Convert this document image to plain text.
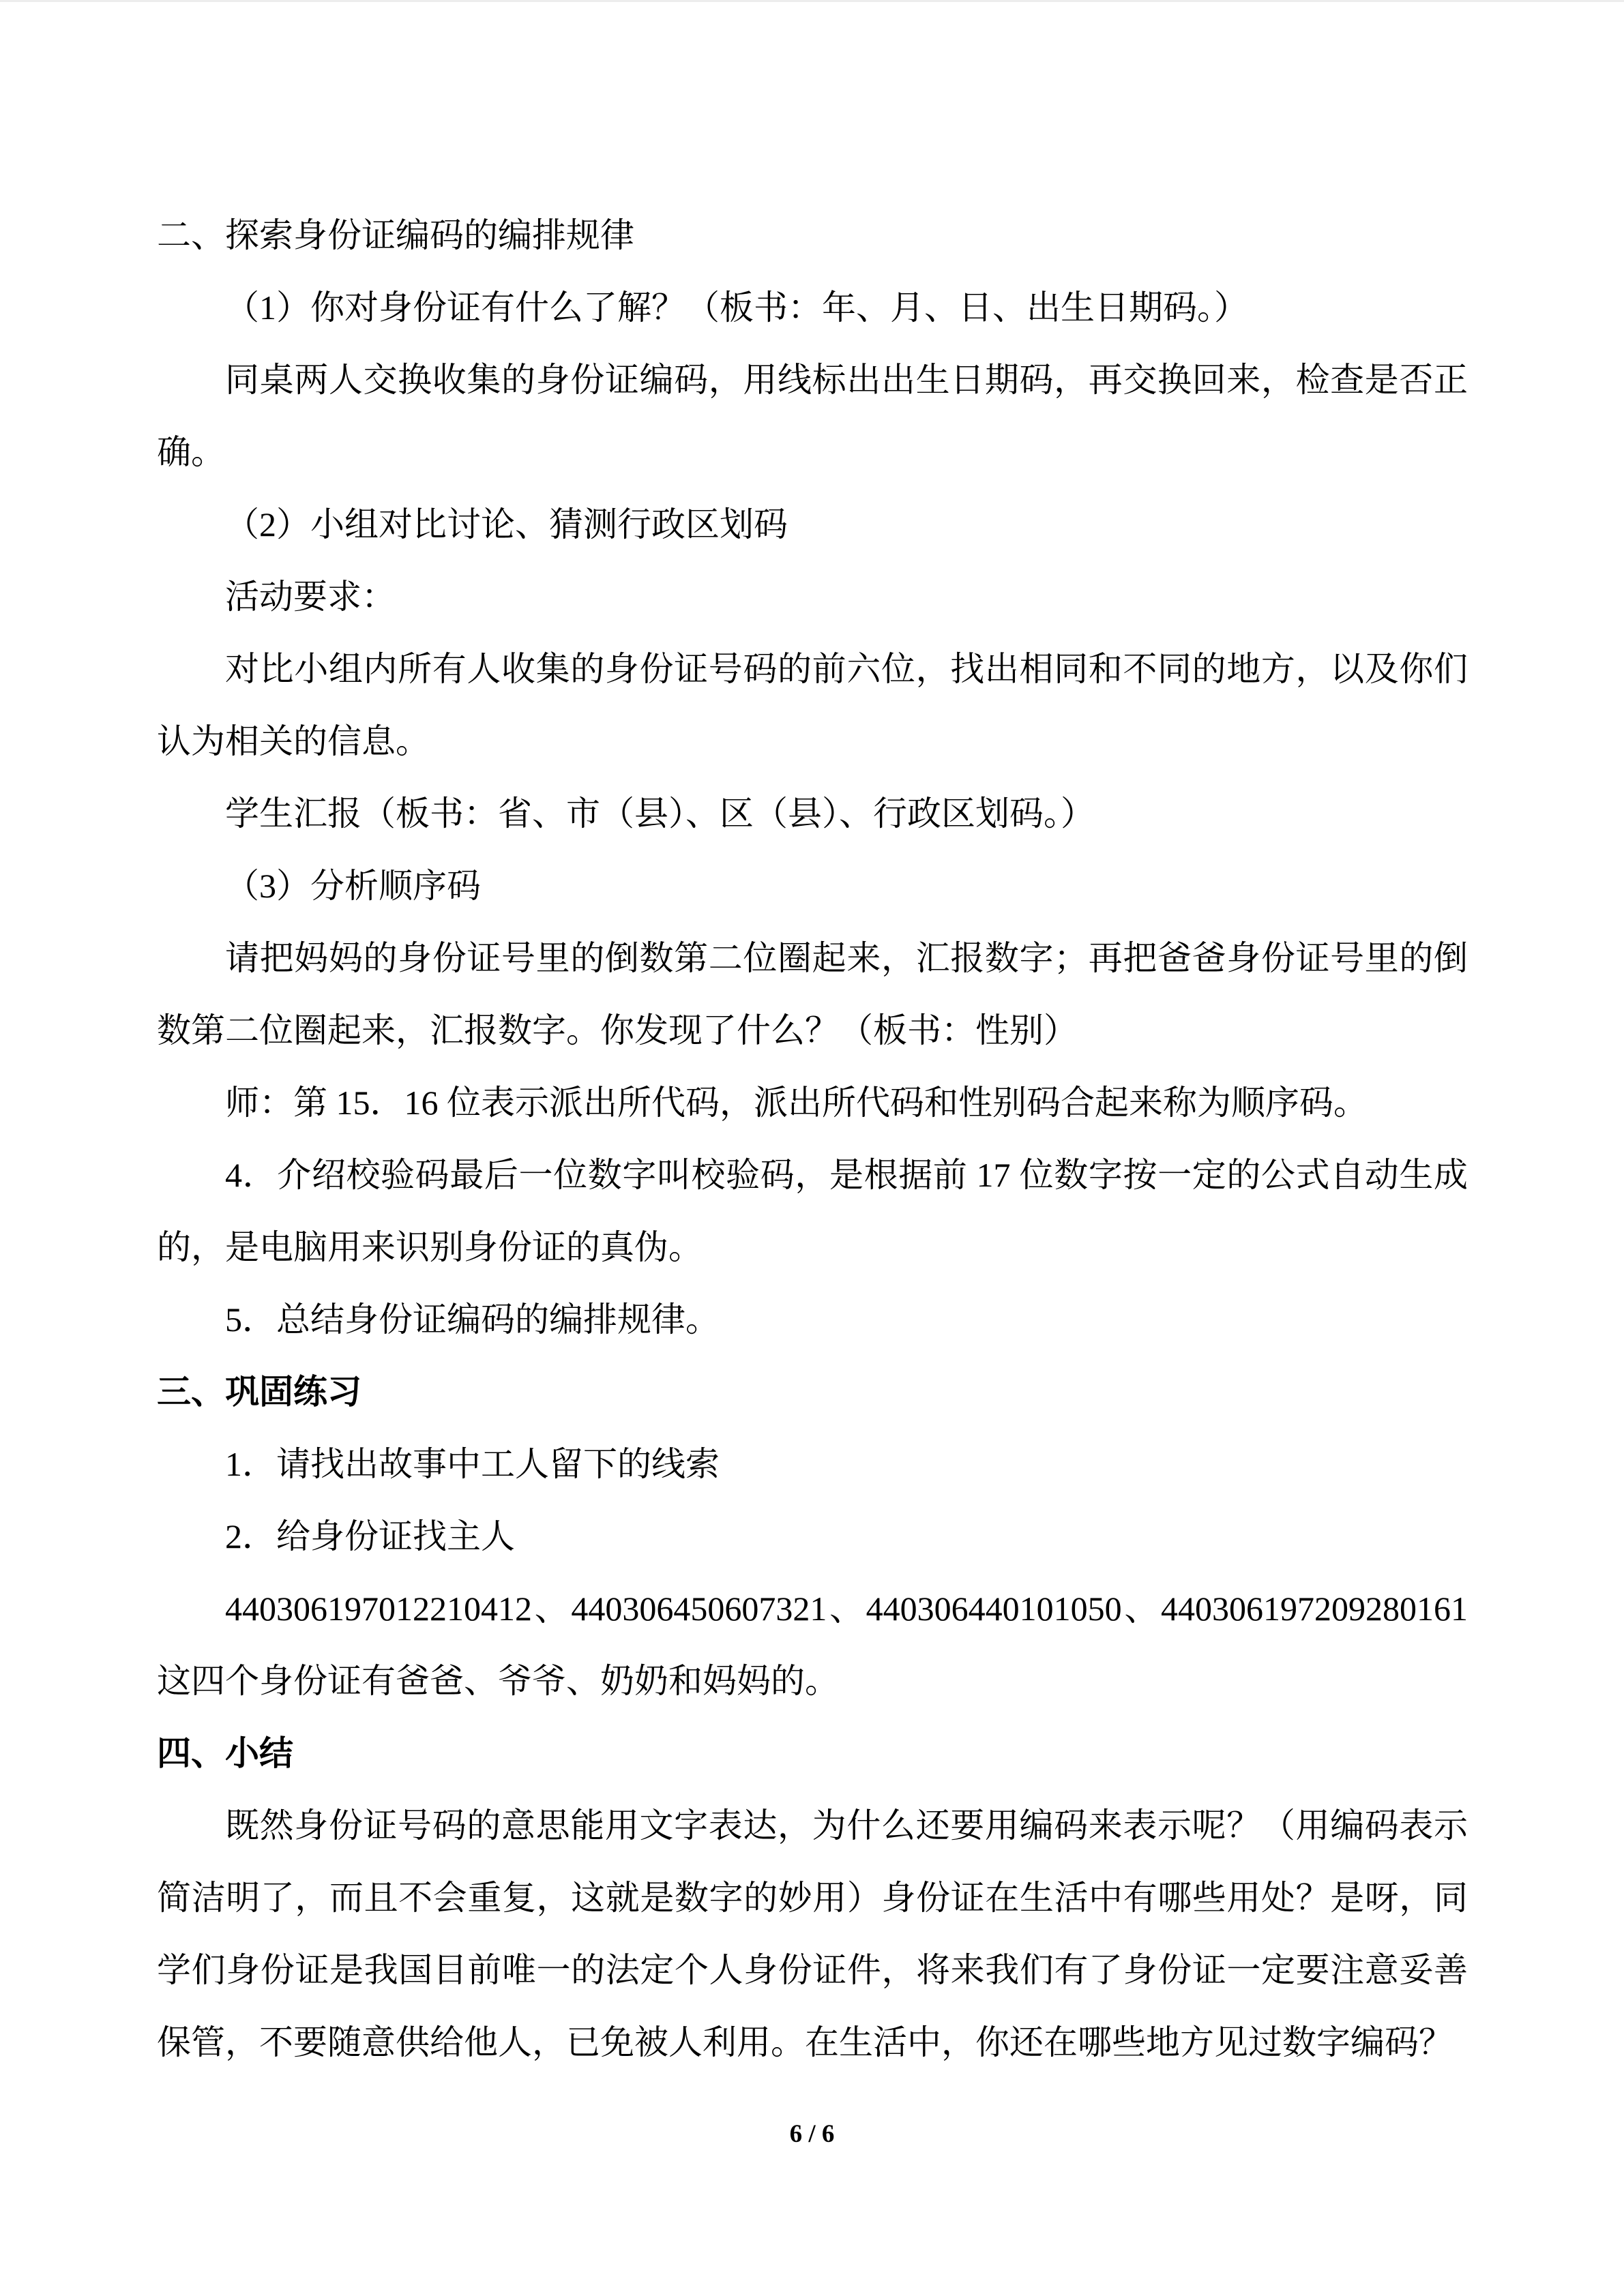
二、探索身份证编码的编排规律

（1）你对身份证有什么了解？（板书：年、月、日、出生日期码。）

同桌两人交换收集的身份证编码，用线标出出生日期码，再交换回来，检查是否正确。

（2）小组对比讨论、猜测行政区划码

活动要求：

对比小组内所有人收集的身份证号码的前六位，找出相同和不同的地方，以及你们认为相关的信息。

学生汇报（板书：省、市（县）、区（县）、行政区划码。）

（3）分析顺序码

请把妈妈的身份证号里的倒数第二位圈起来，汇报数字；再把爸爸身份证号里的倒数第二位圈起来，汇报数字。你发现了什么？（板书：性别）

师：第 15．16 位表示派出所代码，派出所代码和性别码合起来称为顺序码。

4．介绍校验码最后一位数字叫校验码，是根据前 17 位数字按一定的公式自动生成的，是电脑用来识别身份证的真伪。

5．总结身份证编码的编排规律。

三、巩固练习

1．请找出故事中工人留下的线索

2．给身份证找主人

440306197012210412、440306450607321、440306440101050、440306197209280161 这四个身份证有爸爸、爷爷、奶奶和妈妈的。

四、小结

既然身份证号码的意思能用文字表达，为什么还要用编码来表示呢？（用编码表示简洁明了，而且不会重复，这就是数字的妙用）身份证在生活中有哪些用处？是呀，同学们身份证是我国目前唯一的法定个人身份证件，将来我们有了身份证一定要注意妥善保管，不要随意供给他人，已免被人利用。在生活中，你还在哪些地方见过数字编码？

6 / 6
